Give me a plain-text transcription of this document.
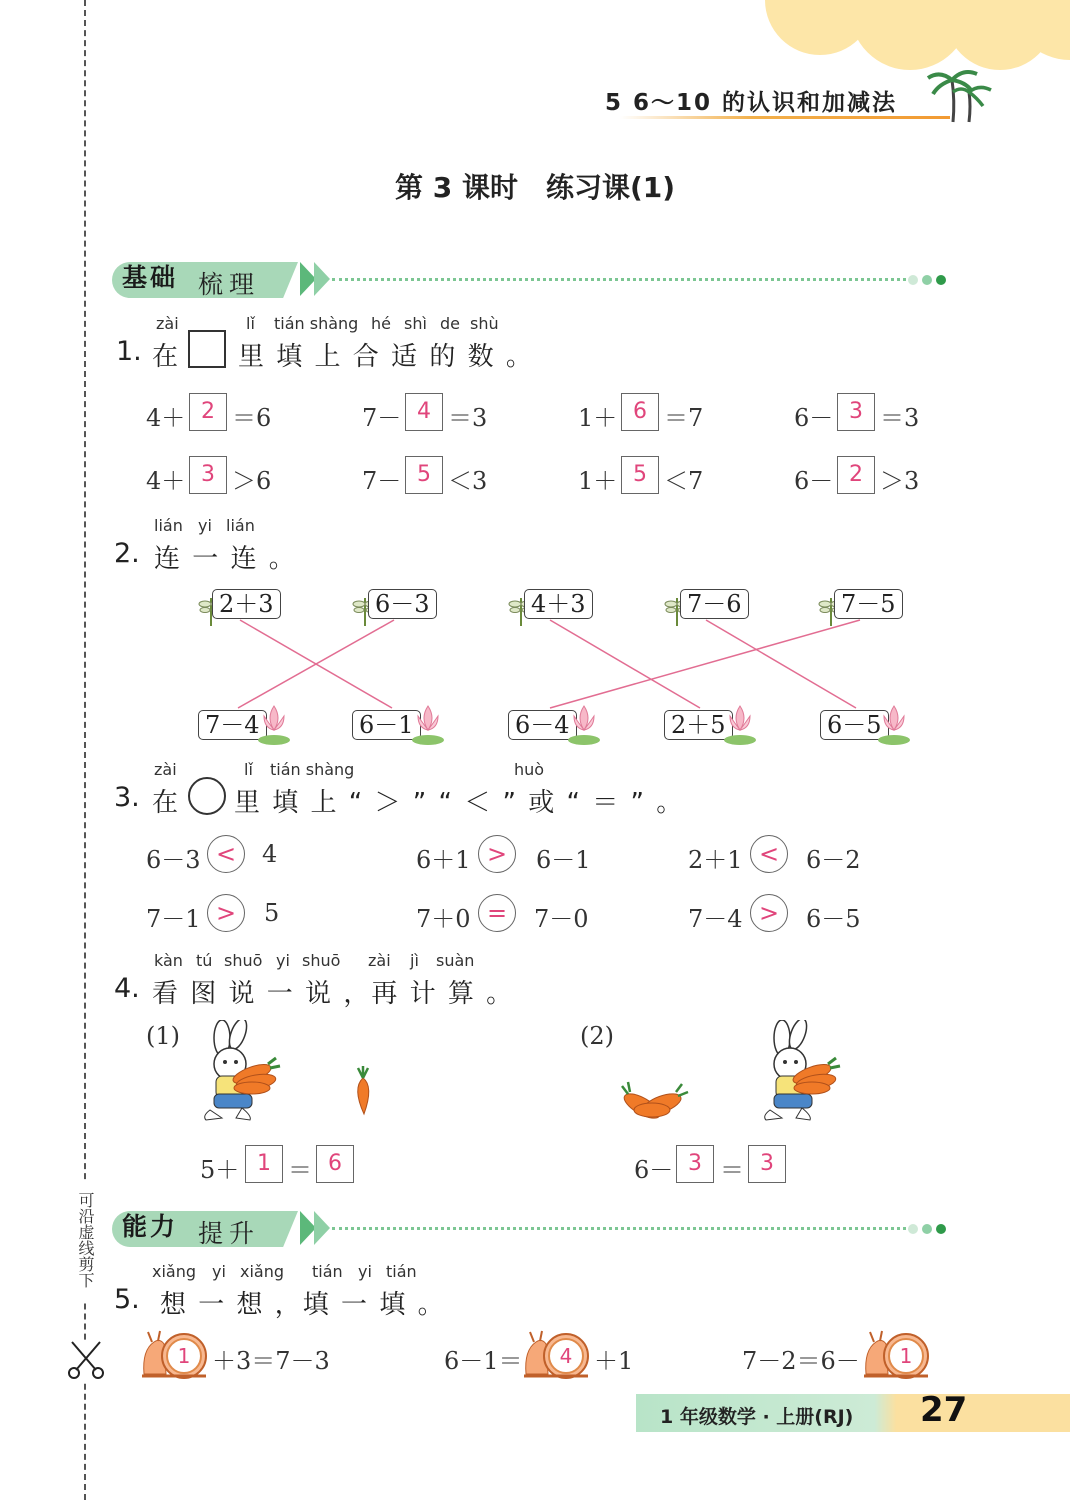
可沿虚线剪下
5 6～10 的认识和加减法
第 3 课时　练习课(1)
基础 梳理
zài	lǐ tián shàng hé shì de shù
1. 在 里 填 上 合 适 的 数 。
4＋ 2 ＝6	7－ 4 ＝3	1＋ 6 ＝7	6－ 3 ＝3
4＋ 3 ＞6	7－ 5 ＜3	1＋ 5 ＜7	6－ 2 ＞3
lián yi lián
2. 连 一 连 。
2＋3	6－3	4＋3	7－6	7－5
7－4	6－1	6－4	2＋5	6－5
zài	lǐ tián shàng	huò
3. 在 里 填 上 “ ＞ ” “ ＜ ” 或 “ ＝ ” 。
6－3 <	4	6＋1 >	6－1	2＋1 <	6－2
7－1 >	5	7＋0 =	7－0	7－4 >	6－5
kàn tú shuō yi shuō zài jì suàn
4. 看 图 说 一 说 ，再 计 算 。
(1)
5＋ 1 ＝ 6
(2)
6－ 3 ＝ 3
能力 提升
xiǎng yi xiǎng tián yi tián
5. 想 一 想 ，填 一 填 。
1 ＋3＝7－3	6－1＝	4 ＋1	7－2＝6－	1
1 年级数学 · 上册(RJ) 27
